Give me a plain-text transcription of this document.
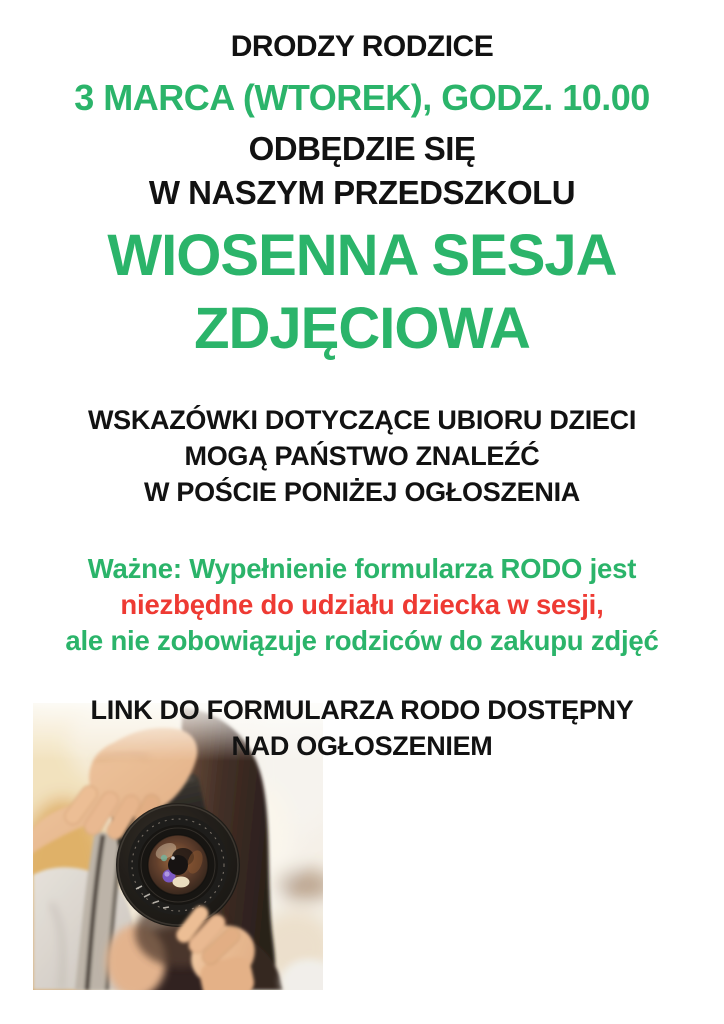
DRODZY RODZICE
3 MARCA (WTOREK), GODZ. 10.00
ODBĘDZIE SIĘ
W NASZYM PRZEDSZKOLU
WIOSENNA SESJA
ZDJĘCIOWA
WSKAZÓWKI DOTYCZĄCE UBIORU DZIECI
MOGĄ PAŃSTWO ZNALEŹĆ
W POŚCIE PONIŻEJ OGŁOSZENIA
Ważne: Wypełnienie formularza RODO jest
niezbędne do udziału dziecka w sesji,
ale nie zobowiązuje rodziców do zakupu zdjęć
LINK DO FORMULARZA RODO DOSTĘPNY
NAD OGŁOSZENIEM
